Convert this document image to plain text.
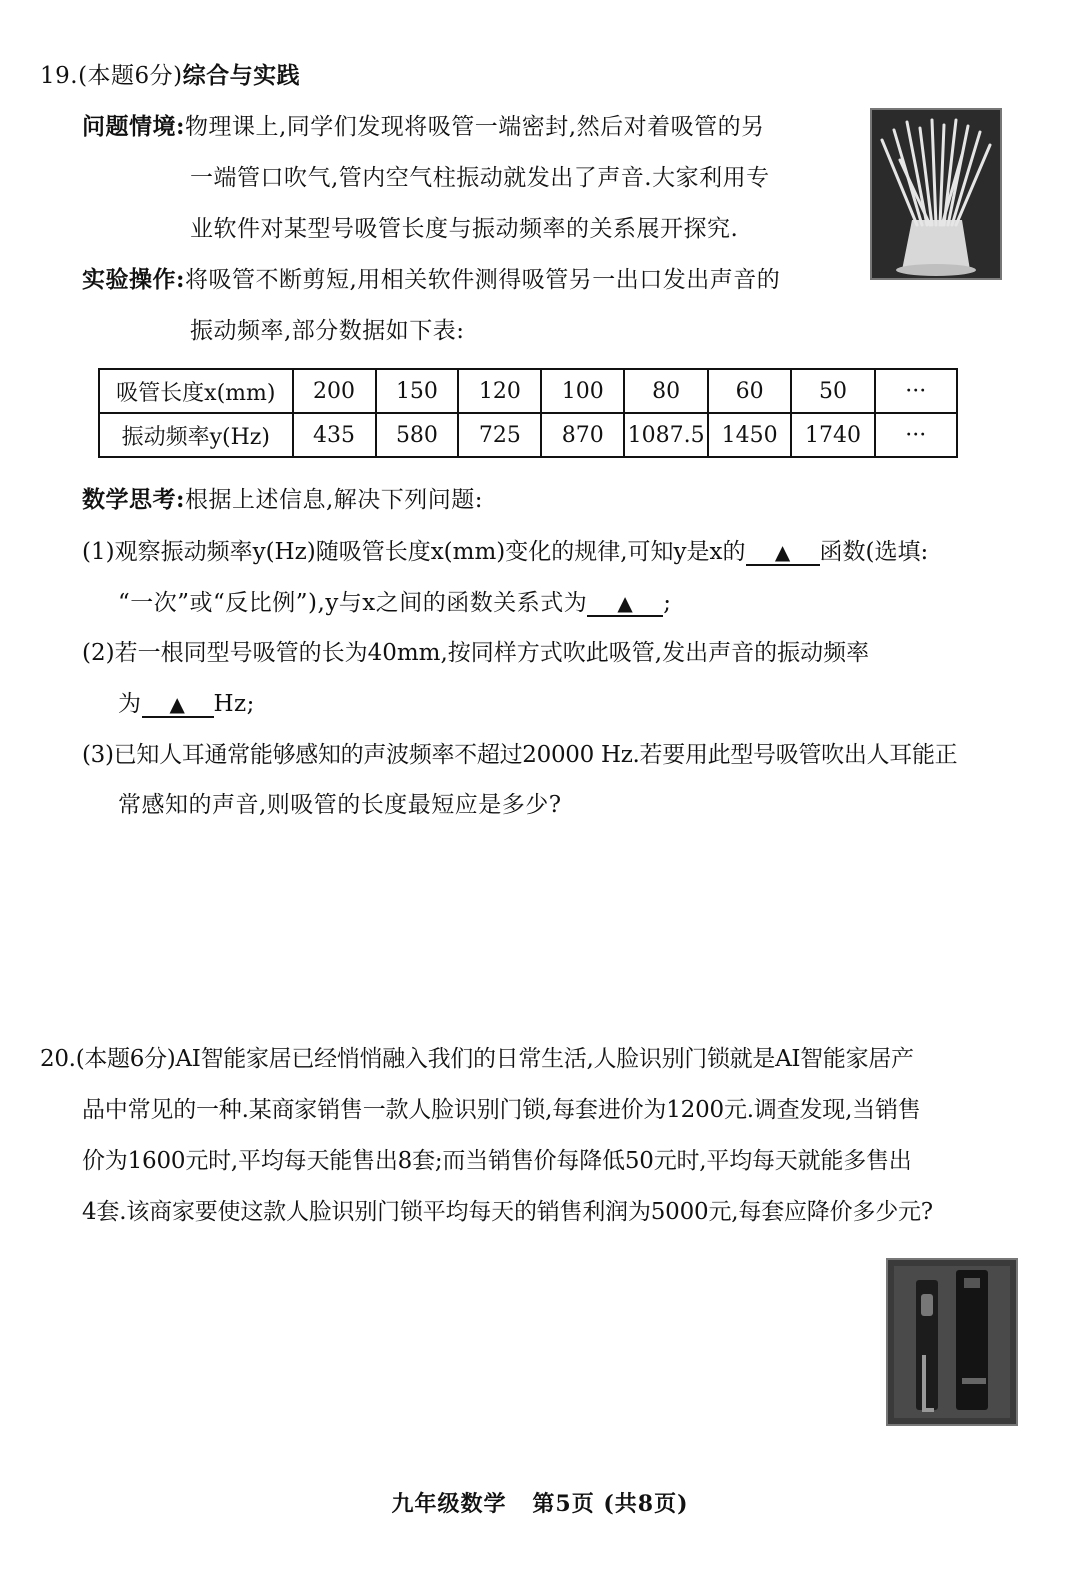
19.(本题6分)综合与实践
问题情境:物理课上,同学们发现将吸管一端密封,然后对着吸管的另
一端管口吹气,管内空气柱振动就发出了声音.大家利用专
业软件对某型号吸管长度与振动频率的关系展开探究.
实验操作:将吸管不断剪短,用相关软件测得吸管另一出口发出声音的
振动频率,部分数据如下表:
吸管长度x(mm)	200	150	120	100	80	60	50	···
振动频率y(Hz)	435	580	725	870	1087.5	1450	1740	···
数学思考:根据上述信息,解决下列问题:
(1)观察振动频率y(Hz)随吸管长度x(mm)变化的规律,可知y是x的 ▲ 函数(选填:
“一次”或“反比例”),y与x之间的函数关系式为 ▲ ;
(2)若一根同型号吸管的长为40mm,按同样方式吹此吸管,发出声音的振动频率
为 ▲ Hz;
(3)已知人耳通常能够感知的声波频率不超过20000 Hz.若要用此型号吸管吹出人耳能正
常感知的声音,则吸管的长度最短应是多少?
20.(本题6分)AI智能家居已经悄悄融入我们的日常生活,人脸识别门锁就是AI智能家居产
品中常见的一种.某商家销售一款人脸识别门锁,每套进价为1200元.调查发现,当销售
价为1600元时,平均每天能售出8套;而当销售价每降低50元时,平均每天就能多售出
4套.该商家要使这款人脸识别门锁平均每天的销售利润为5000元,每套应降价多少元?
九年级数学   第5页 (共8页)
